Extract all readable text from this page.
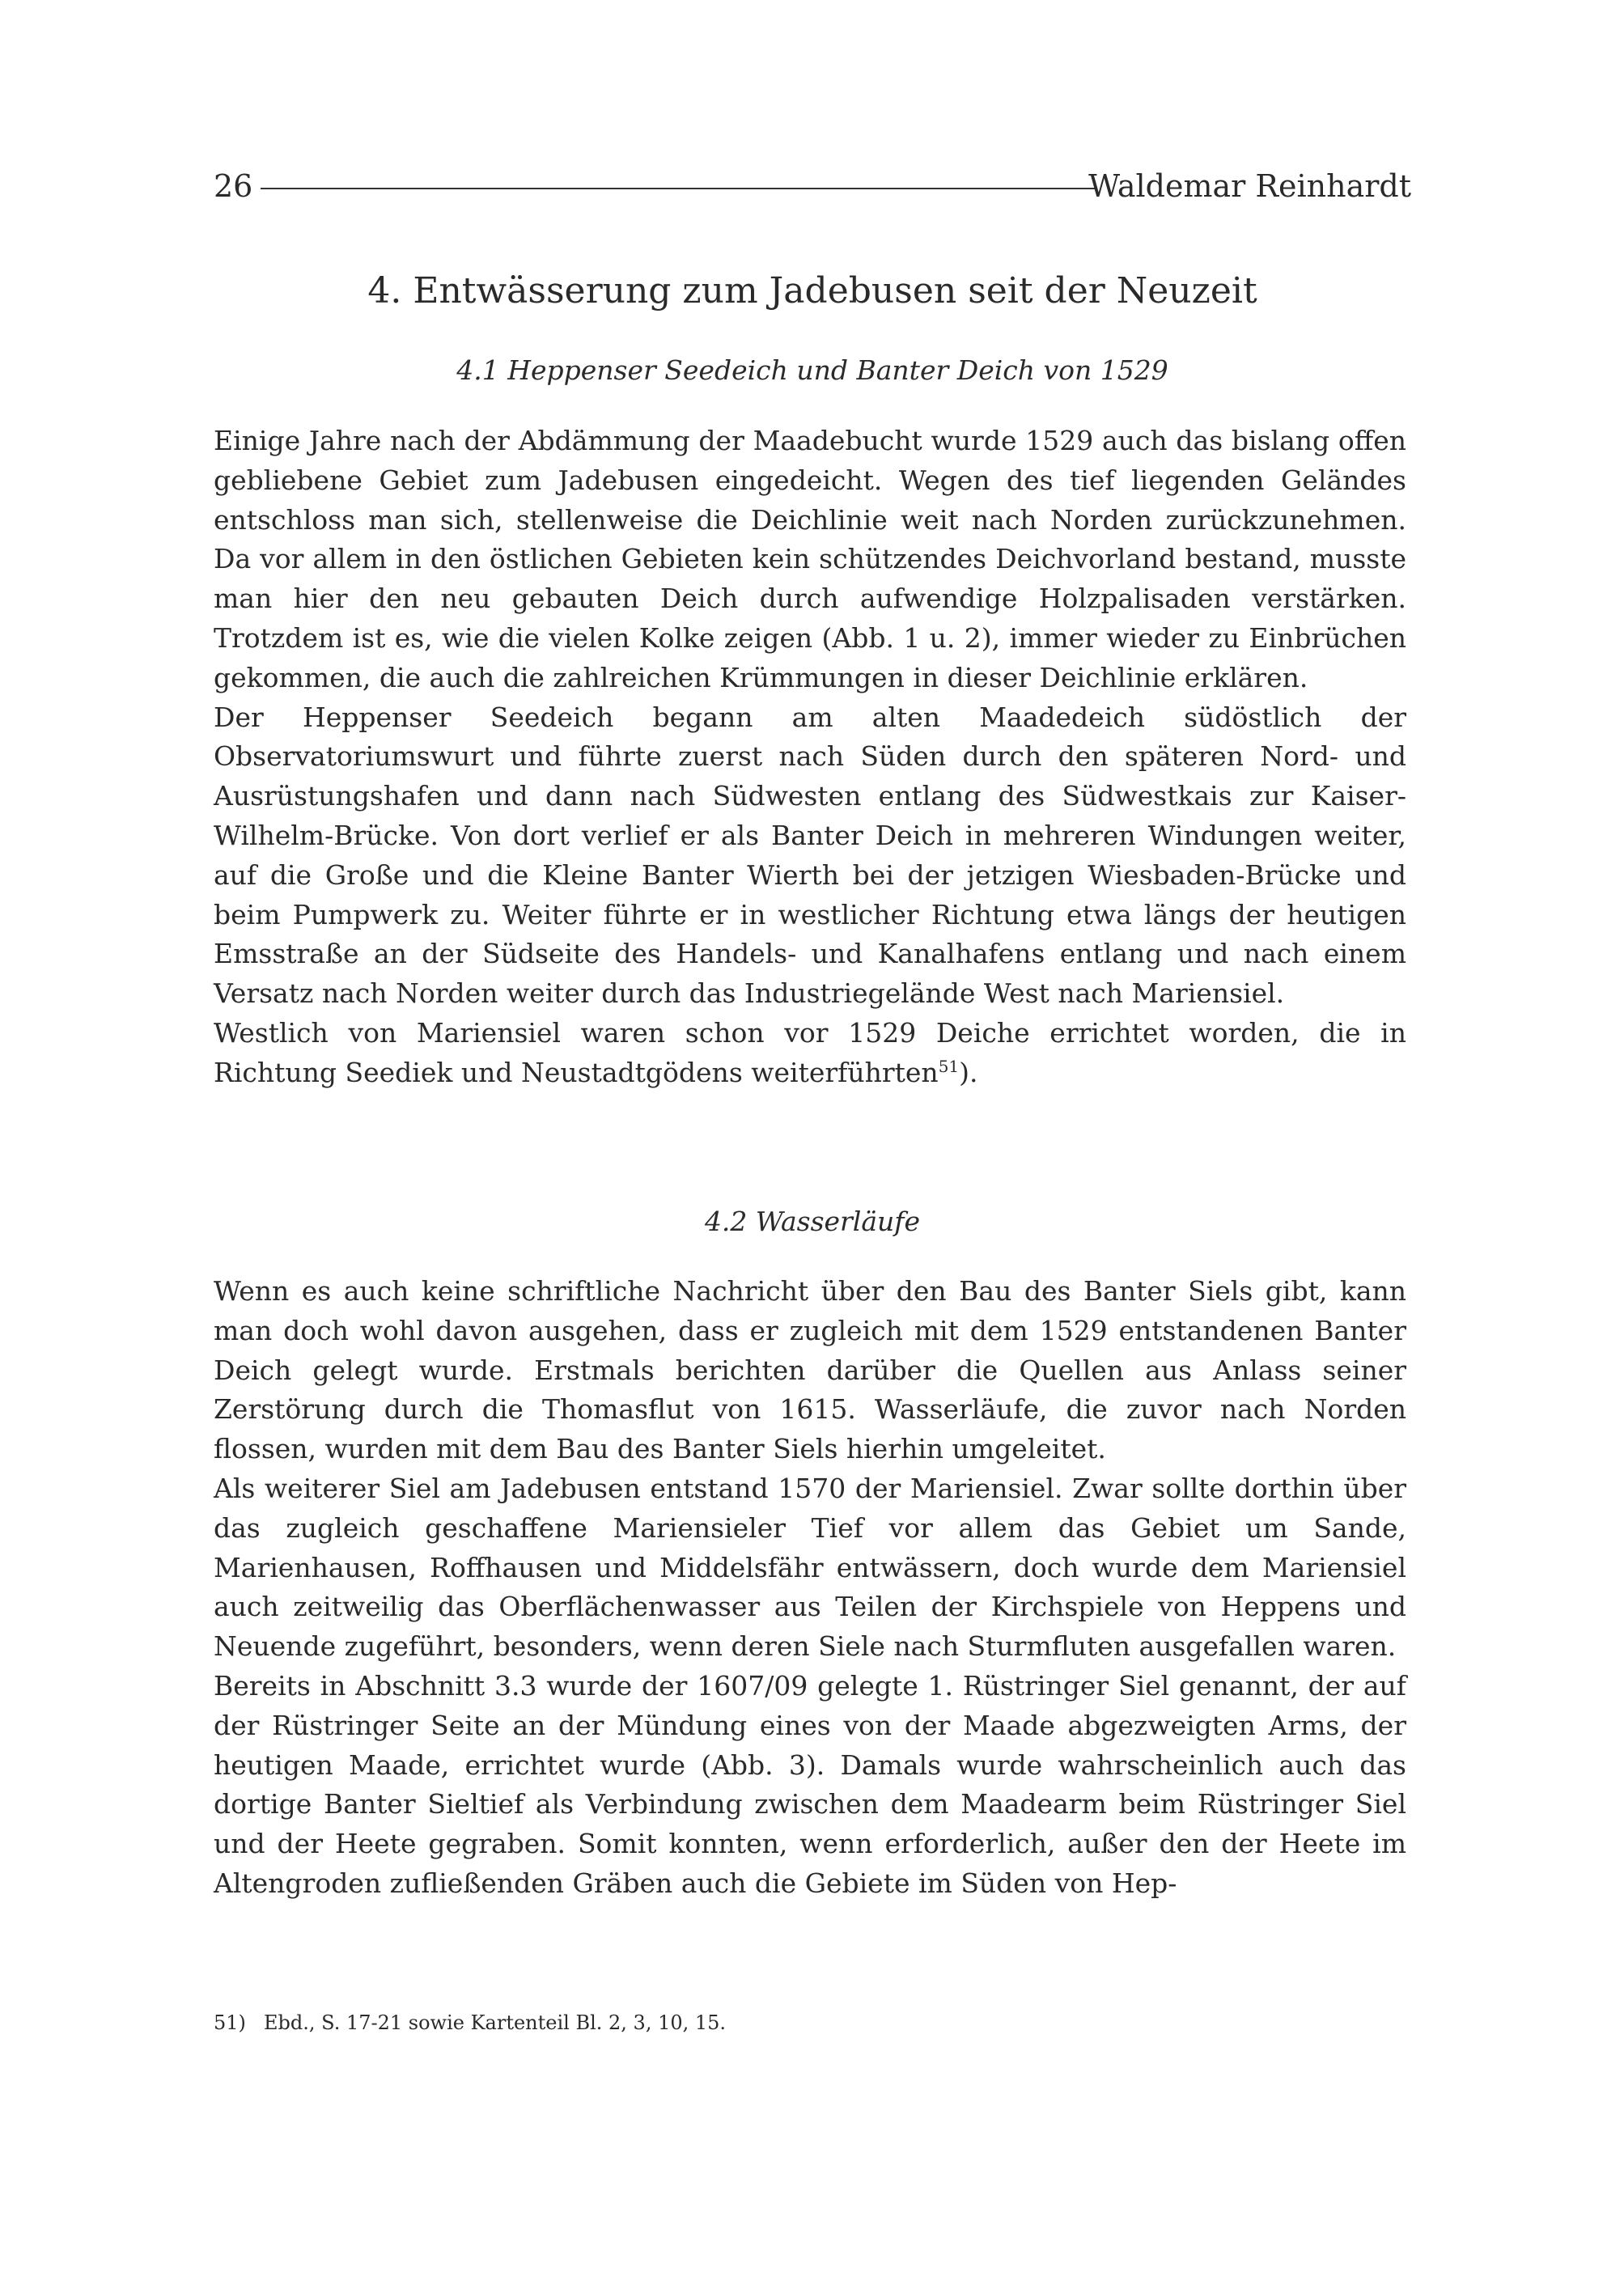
26	Waldemar Reinhardt
4. Entwässerung zum Jadebusen seit der Neuzeit
4.1 Heppenser Seedeich und Banter Deich von 1529

Einige Jahre nach der Abdämmung der Maadebucht wurde 1529 auch das bislang offen gebliebene Gebiet zum Jadebusen eingedeicht. Wegen des tief liegenden Geländes entschloss man sich, stellenweise die Deichlinie weit nach Norden zurückzunehmen. Da vor allem in den östlichen Gebieten kein schützendes Deichvorland bestand, musste man hier den neu gebauten Deich durch aufwendige Holzpalisaden verstärken. Trotzdem ist es, wie die vielen Kolke zeigen (Abb. 1 u. 2), immer wieder zu Einbrüchen gekommen, die auch die zahlreichen Krümmungen in dieser Deichlinie erklären.

Der Heppenser Seedeich begann am alten Maadedeich südöstlich der Observatoriumswurt und führte zuerst nach Süden durch den späteren Nord- und Ausrüstungshafen und dann nach Südwesten entlang des Südwestkais zur Kaiser-Wilhelm-Brücke. Von dort verlief er als Banter Deich in mehreren Windungen weiter, auf die Große und die Kleine Banter Wierth bei der jetzigen Wiesbaden-Brücke und beim Pumpwerk zu. Weiter führte er in westlicher Richtung etwa längs der heutigen Emsstraße an der Südseite des Handels- und Kanalhafens entlang und nach einem Versatz nach Norden weiter durch das Industriegelände West nach Mariensiel.

Westlich von Mariensiel waren schon vor 1529 Deiche errichtet worden, die in Richtung Seediek und Neustadtgödens weiterführten$^{51}$).

4.2 Wasserläufe

Wenn es auch keine schriftliche Nachricht über den Bau des Banter Siels gibt, kann man doch wohl davon ausgehen, dass er zugleich mit dem 1529 entstandenen Banter Deich gelegt wurde. Erstmals berichten darüber die Quellen aus Anlass seiner Zerstörung durch die Thomasflut von 1615. Wasserläufe, die zuvor nach Norden flossen, wurden mit dem Bau des Banter Siels hierhin umgeleitet.

Als weiterer Siel am Jadebusen entstand 1570 der Mariensiel. Zwar sollte dorthin über das zugleich geschaffene Mariensieler Tief vor allem das Gebiet um Sande, Marienhausen, Roffhausen und Middelsfähr entwässern, doch wurde dem Mariensiel auch zeitweilig das Oberflächenwasser aus Teilen der Kirchspiele von Heppens und Neuende zugeführt, besonders, wenn deren Siele nach Sturmfluten ausgefallen waren.

Bereits in Abschnitt 3.3 wurde der 1607/09 gelegte 1. Rüstringer Siel genannt, der auf der Rüstringer Seite an der Mündung eines von der Maade abgezweigten Arms, der heutigen Maade, errichtet wurde (Abb. 3). Damals wurde wahrscheinlich auch das dortige Banter Sieltief als Verbindung zwischen dem Maadearm beim Rüstringer Siel und der Heete gegraben. Somit konnten, wenn erforderlich, außer den der Heete im Altengroden zufließenden Gräben auch die Gebiete im Süden von Hep-

51) Ebd., S. 17-21 sowie Kartenteil Bl. 2, 3, 10, 15.
